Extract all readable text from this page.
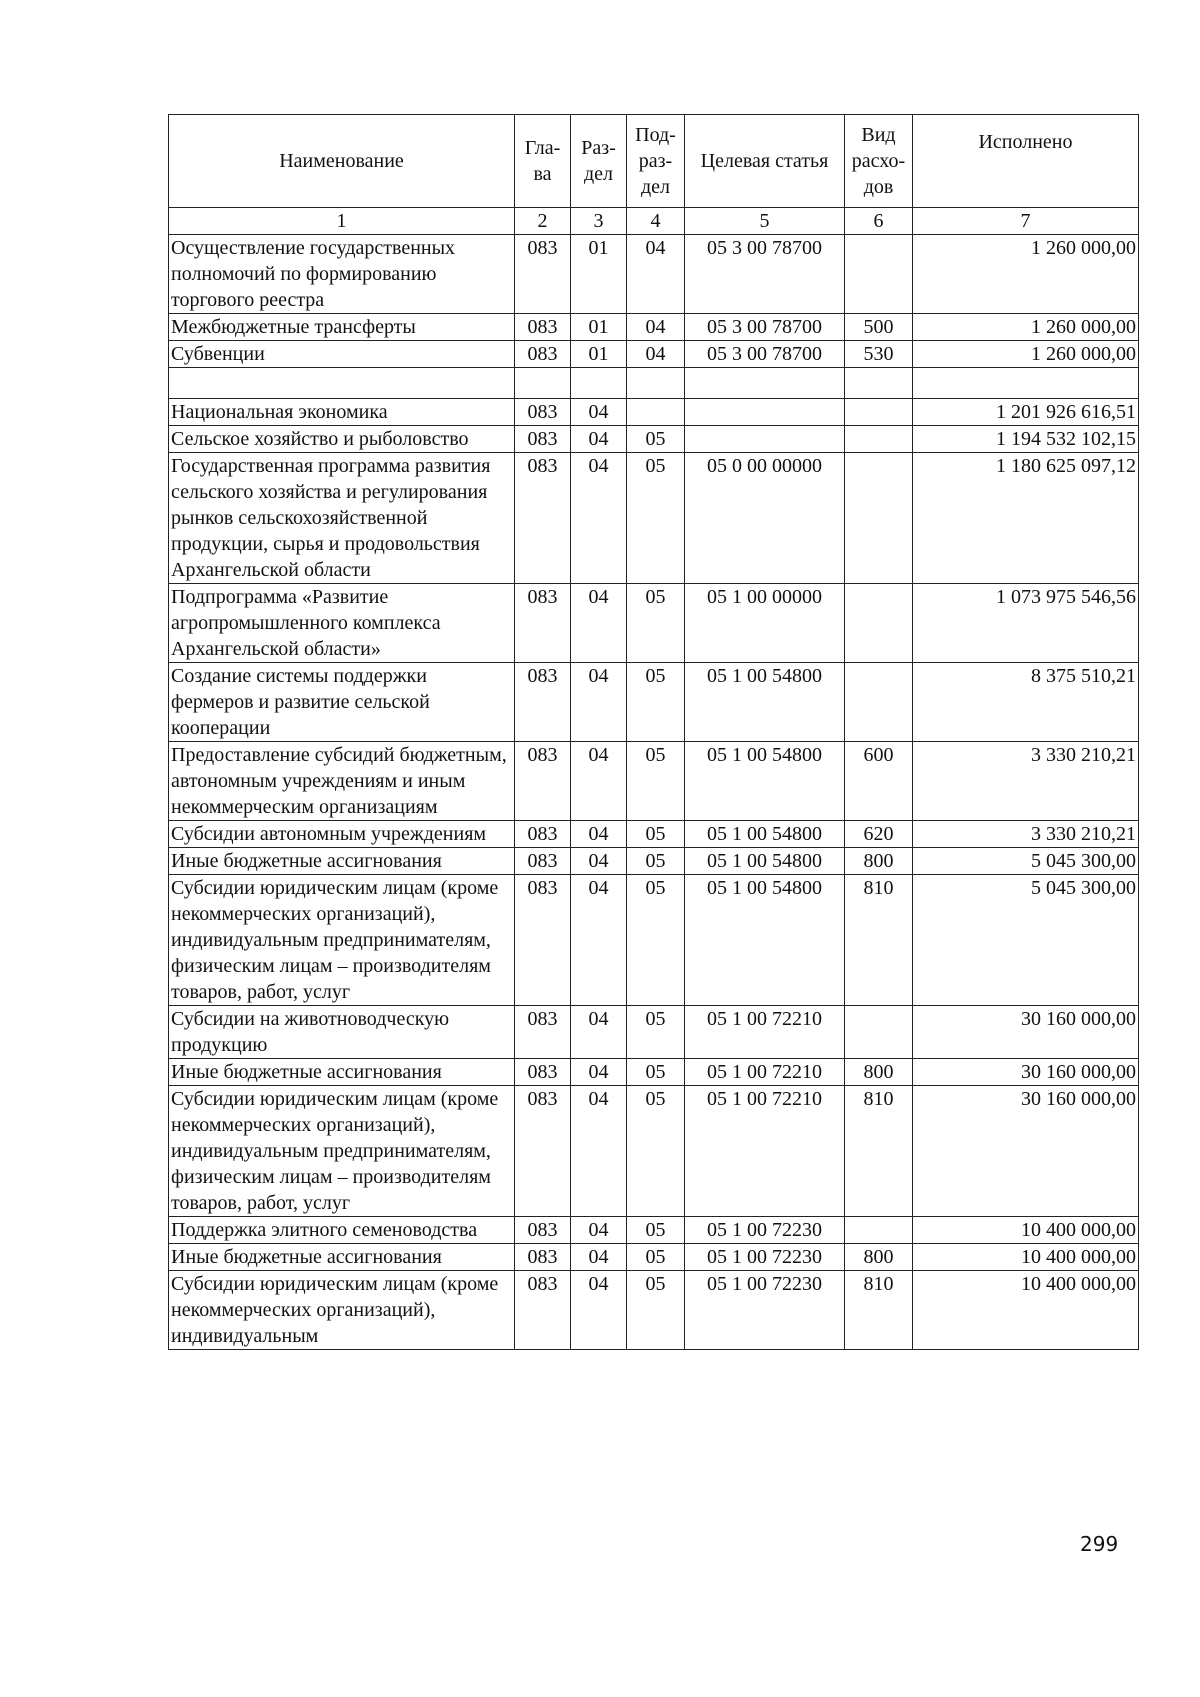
Наименование	Гла-ва	Раз-дел	Под-раз-дел	Целевая статья	Вид расхо-дов	Исполнено
1	2	3	4	5	6	7
Осуществление государственных полномочий по формированию торгового реестра	083	01	04	05 3 00 78700		1 260 000,00
Межбюджетные трансферты	083	01	04	05 3 00 78700	500	1 260 000,00
Субвенции	083	01	04	05 3 00 78700	530	1 260 000,00

Национальная экономика	083	04				1 201 926 616,51
Сельское хозяйство и рыболовство	083	04	05			1 194 532 102,15
Государственная программа развития сельского хозяйства и регулирования рынков сельскохозяйственной продукции, сырья и продовольствия Архангельской области	083	04	05	05 0 00 00000		1 180 625 097,12
Подпрограмма «Развитие агропромышленного комплекса Архангельской области»	083	04	05	05 1 00 00000		1 073 975 546,56
Создание системы поддержки фермеров и развитие сельской кооперации	083	04	05	05 1 00 54800		8 375 510,21
Предоставление субсидий бюджетным, автономным учреждениям и иным некоммерческим организациям	083	04	05	05 1 00 54800	600	3 330 210,21
Субсидии автономным учреждениям	083	04	05	05 1 00 54800	620	3 330 210,21
Иные бюджетные ассигнования	083	04	05	05 1 00 54800	800	5 045 300,00
Субсидии юридическим лицам (кроме некоммерческих организаций), индивидуальным предпринимателям, физическим лицам – производителям товаров, работ, услуг	083	04	05	05 1 00 54800	810	5 045 300,00
Субсидии на животноводческую продукцию	083	04	05	05 1 00 72210		30 160 000,00
Иные бюджетные ассигнования	083	04	05	05 1 00 72210	800	30 160 000,00
Субсидии юридическим лицам (кроме некоммерческих организаций), индивидуальным предпринимателям, физическим лицам – производителям товаров, работ, услуг	083	04	05	05 1 00 72210	810	30 160 000,00
Поддержка элитного семеноводства	083	04	05	05 1 00 72230		10 400 000,00
Иные бюджетные ассигнования	083	04	05	05 1 00 72230	800	10 400 000,00
Субсидии юридическим лицам (кроме некоммерческих организаций), индивидуальным	083	04	05	05 1 00 72230	810	10 400 000,00
299
